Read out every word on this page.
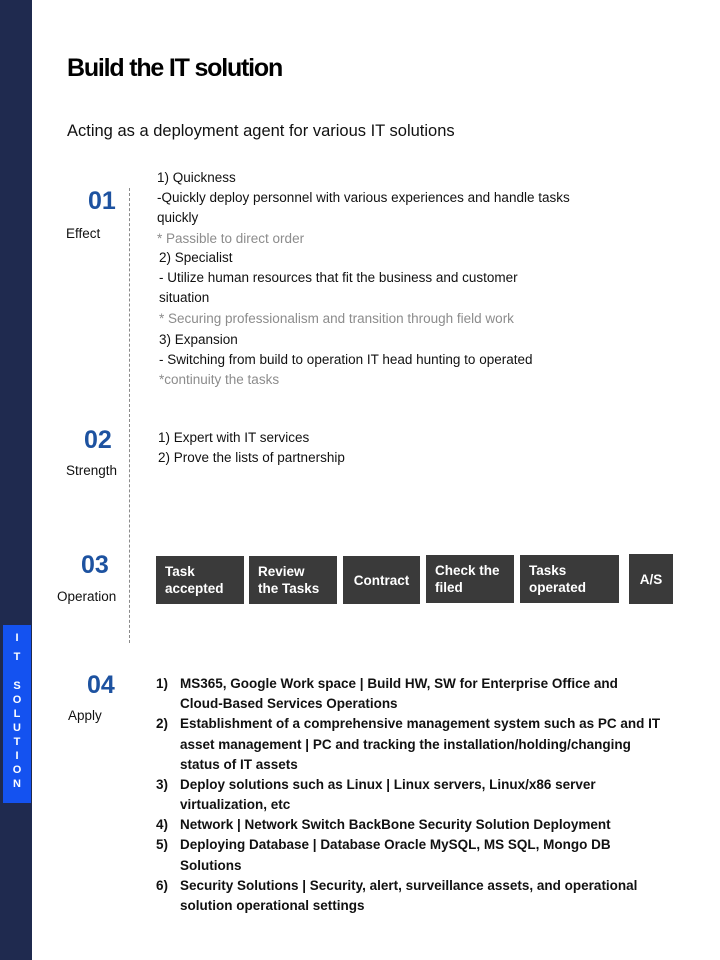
I
T
S
O
L
U
T
I
O
N
Build the IT solution

Acting as a deployment agent for various IT solutions

01
Effect
1) Quickness
-Quickly deploy personnel with various experiences and handle tasks
quickly
* Passible to direct order
2) Specialist
- Utilize human resources that fit the business and customer
situation
* Securing professionalism and transition through field work
3) Expansion
- Switching from build to operation IT head hunting to operated
*continuity the tasks
02
Strength
1) Expert with IT services
2) Prove the lists of partnership
03
Operation
Task
accepted
Review
the Tasks
Contract
Check the
filed
Tasks
operated
A/S
04
Apply
1) MS365, Google Work space | Build HW, SW for Enterprise Office and
Cloud-Based Services Operations
2) Establishment of a comprehensive management system such as PC and IT
asset management | PC and tracking the installation/holding/changing
status of IT assets
3) Deploy solutions such as Linux | Linux servers, Linux/x86 server
virtualization, etc
4) Network | Network Switch BackBone Security Solution Deployment
5) Deploying Database | Database Oracle MySQL, MS SQL, Mongo DB
Solutions
6) Security Solutions | Security, alert, surveillance assets, and operational
solution operational settings
